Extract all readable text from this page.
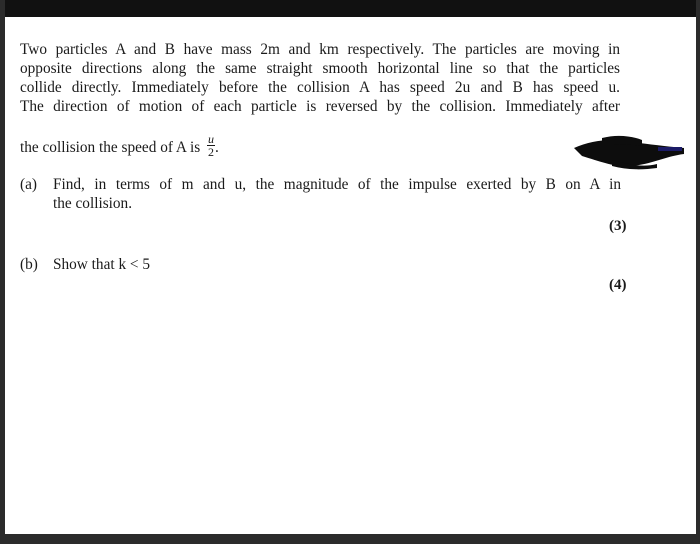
Two particles A and B have mass 2m and km respectively. The particles are moving in
opposite directions along the same straight smooth horizontal line so that the particles
collide directly. Immediately before the collision A has speed 2u and B has speed u.
The direction of motion of each particle is reversed by the collision. Immediately after
the collision the speed of A is $\frac{u}{2}$ .
(a) Find, in terms of m and u, the magnitude of the impulse exerted by B on A in
the collision.
(3)
(b) Show that k < 5
(4)
